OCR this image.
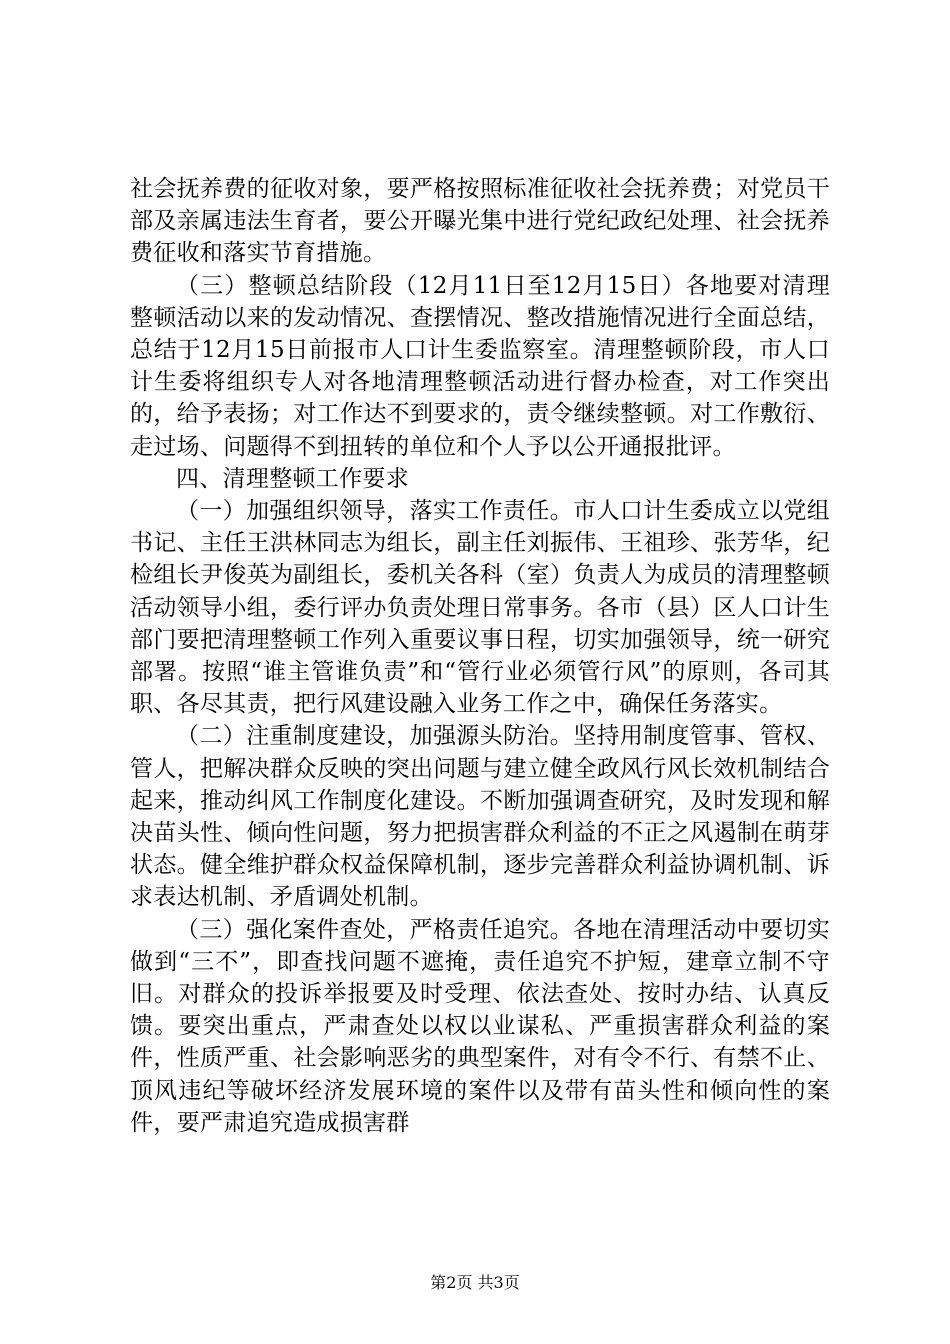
社会抚养费的征收对象，要严格按照标准征收社会抚养费；对党员干部及亲属违法生育者，要公开曝光集中进行党纪政纪处理、社会抚养费征收和落实节育措施。

（三）整顿总结阶段（12月11日至12月15日）各地要对清理整顿活动以来的发动情况、查摆情况、整改措施情况进行全面总结，总结于12月15日前报市人口计生委监察室。清理整顿阶段，市人口计生委将组织专人对各地清理整顿活动进行督办检查，对工作突出的，给予表扬；对工作达不到要求的，责令继续整顿。对工作敷衍、走过场、问题得不到扭转的单位和个人予以公开通报批评。

四、清理整顿工作要求

（一）加强组织领导，落实工作责任。市人口计生委成立以党组书记、主任王洪林同志为组长，副主任刘振伟、王祖珍、张芳华，纪检组长尹俊英为副组长，委机关各科（室）负责人为成员的清理整顿活动领导小组，委行评办负责处理日常事务。各市（县）区人口计生部门要把清理整顿工作列入重要议事日程，切实加强领导，统一研究部署。按照“谁主管谁负责”和“管行业必须管行风”的原则，各司其职、各尽其责，把行风建设融入业务工作之中，确保任务落实。

（二）注重制度建设，加强源头防治。坚持用制度管事、管权、管人，把解决群众反映的突出问题与建立健全政风行风长效机制结合起来，推动纠风工作制度化建设。不断加强调查研究，及时发现和解决苗头性、倾向性问题，努力把损害群众利益的不正之风遏制在萌芽状态。健全维护群众权益保障机制，逐步完善群众利益协调机制、诉求表达机制、矛盾调处机制。

（三）强化案件查处，严格责任追究。各地在清理活动中要切实做到“三不”，即查找问题不遮掩，责任追究不护短，建章立制不守旧。对群众的投诉举报要及时受理、依法查处、按时办结、认真反馈。要突出重点，严肃查处以权以业谋私、严重损害群众利益的案件，性质严重、社会影响恶劣的典型案件，对有令不行、有禁不止、顶风违纪等破坏经济发展环境的案件以及带有苗头性和倾向性的案件，要严肃追究造成损害群

第2页 共3页
